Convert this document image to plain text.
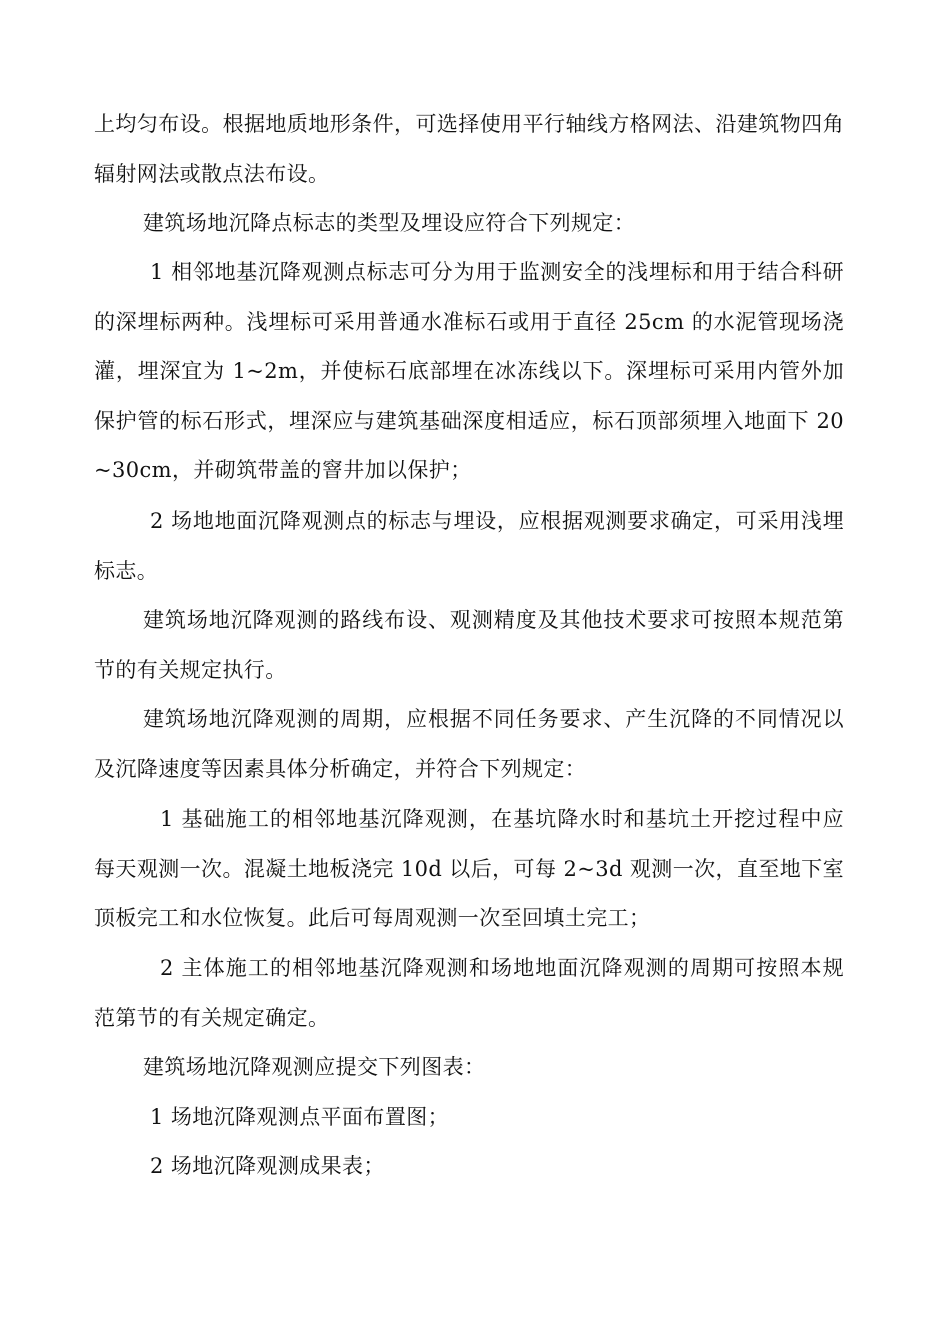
上均匀布设。根据地质地形条件，可选择使用平行轴线方格网法、沿建筑物四角辐射网法或散点法布设。

建筑场地沉降点标志的类型及埋设应符合下列规定：

1 相邻地基沉降观测点标志可分为用于监测安全的浅埋标和用于结合科研的深埋标两种。浅埋标可采用普通水准标石或用于直径 25cm 的水泥管现场浇灌，埋深宜为 1~2m，并使标石底部埋在冰冻线以下。深埋标可采用内管外加保护管的标石形式，埋深应与建筑基础深度相适应，标石顶部须埋入地面下 20~30cm，并砌筑带盖的窨井加以保护；

2 场地地面沉降观测点的标志与埋设，应根据观测要求确定，可采用浅埋标志。

建筑场地沉降观测的路线布设、观测精度及其他技术要求可按照本规范第节的有关规定执行。

建筑场地沉降观测的周期，应根据不同任务要求、产生沉降的不同情况以及沉降速度等因素具体分析确定，并符合下列规定：

1 基础施工的相邻地基沉降观测，在基坑降水时和基坑土开挖过程中应每天观测一次。混凝土地板浇完 10d 以后，可每 2~3d 观测一次，直至地下室顶板完工和水位恢复。此后可每周观测一次至回填土完工；

2 主体施工的相邻地基沉降观测和场地地面沉降观测的周期可按照本规范第节的有关规定确定。

建筑场地沉降观测应提交下列图表：

1 场地沉降观测点平面布置图；

2 场地沉降观测成果表；
